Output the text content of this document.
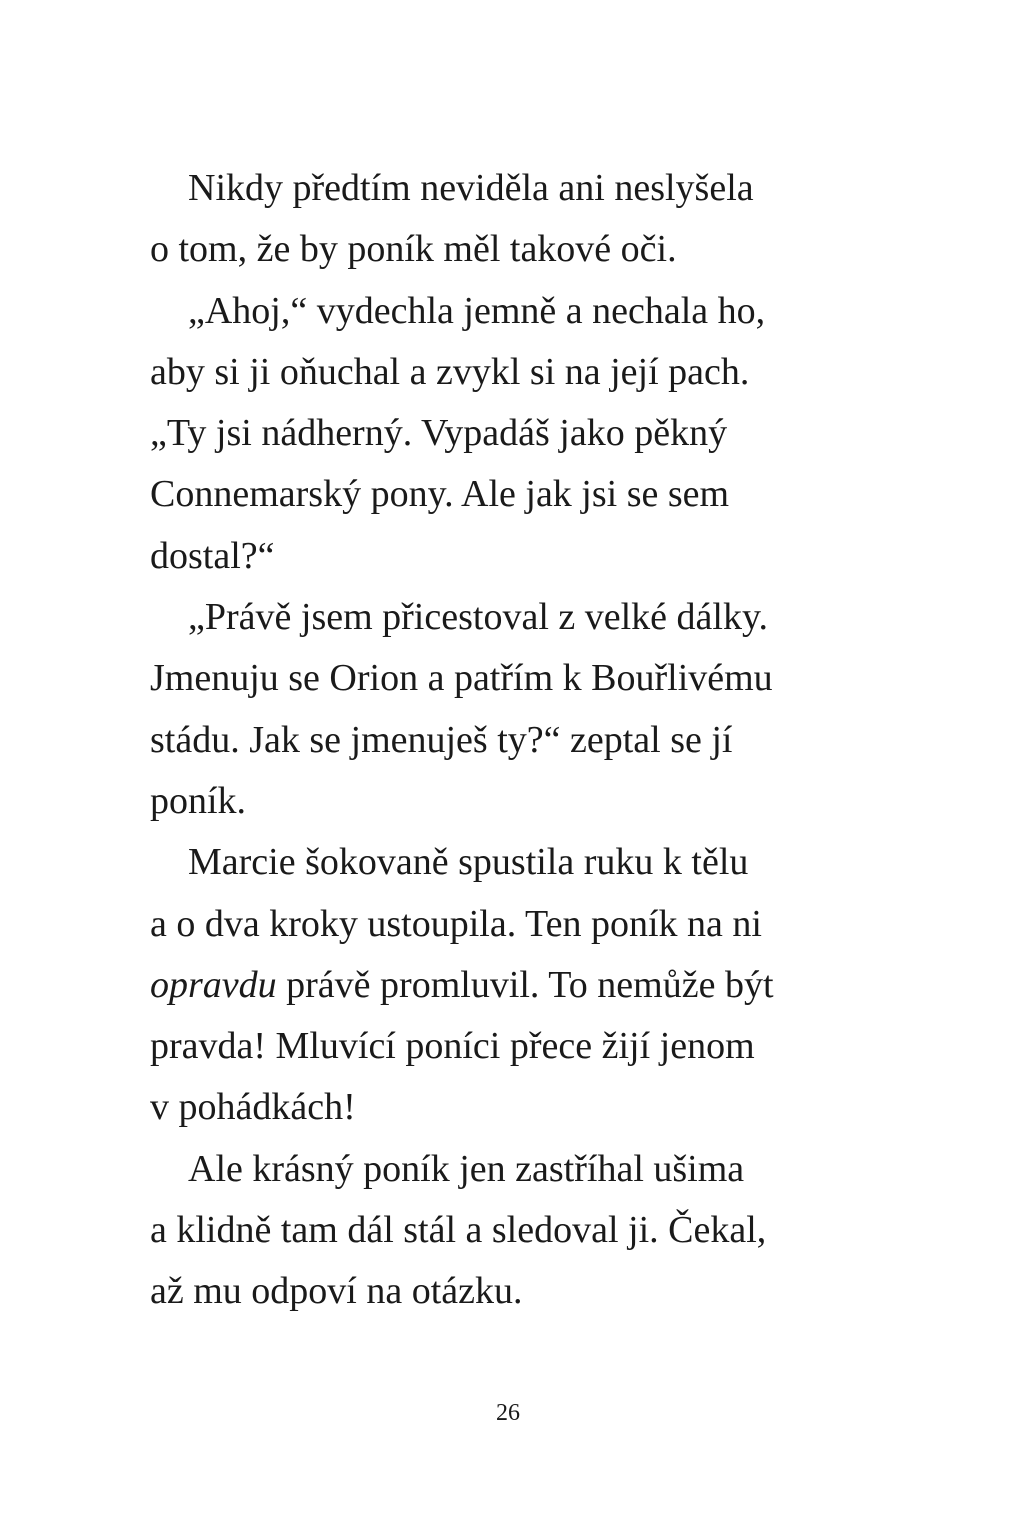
Nikdy předtím neviděla ani neslyšela
o tom, že by poník měl takové oči.
„Ahoj,“ vydechla jemně a nechala ho,
aby si ji oňuchal a zvykl si na její pach.
„Ty jsi nádherný. Vypadáš jako pěkný
Connemarský pony. Ale jak jsi se sem
dostal?“
„Právě jsem přicestoval z velké dálky.
Jmenuju se Orion a patřím k Bouřlivému
stádu. Jak se jmenuješ ty?“ zeptal se jí
poník.
Marcie šokovaně spustila ruku k tělu
a o dva kroky ustoupila. Ten poník na ni
opravdu právě promluvil. To nemůže být
pravda! Mluvící poníci přece žijí jenom
v pohádkách!
Ale krásný poník jen zastříhal ušima
a klidně tam dál stál a sledoval ji. Čekal,
až mu odpoví na otázku.
26
